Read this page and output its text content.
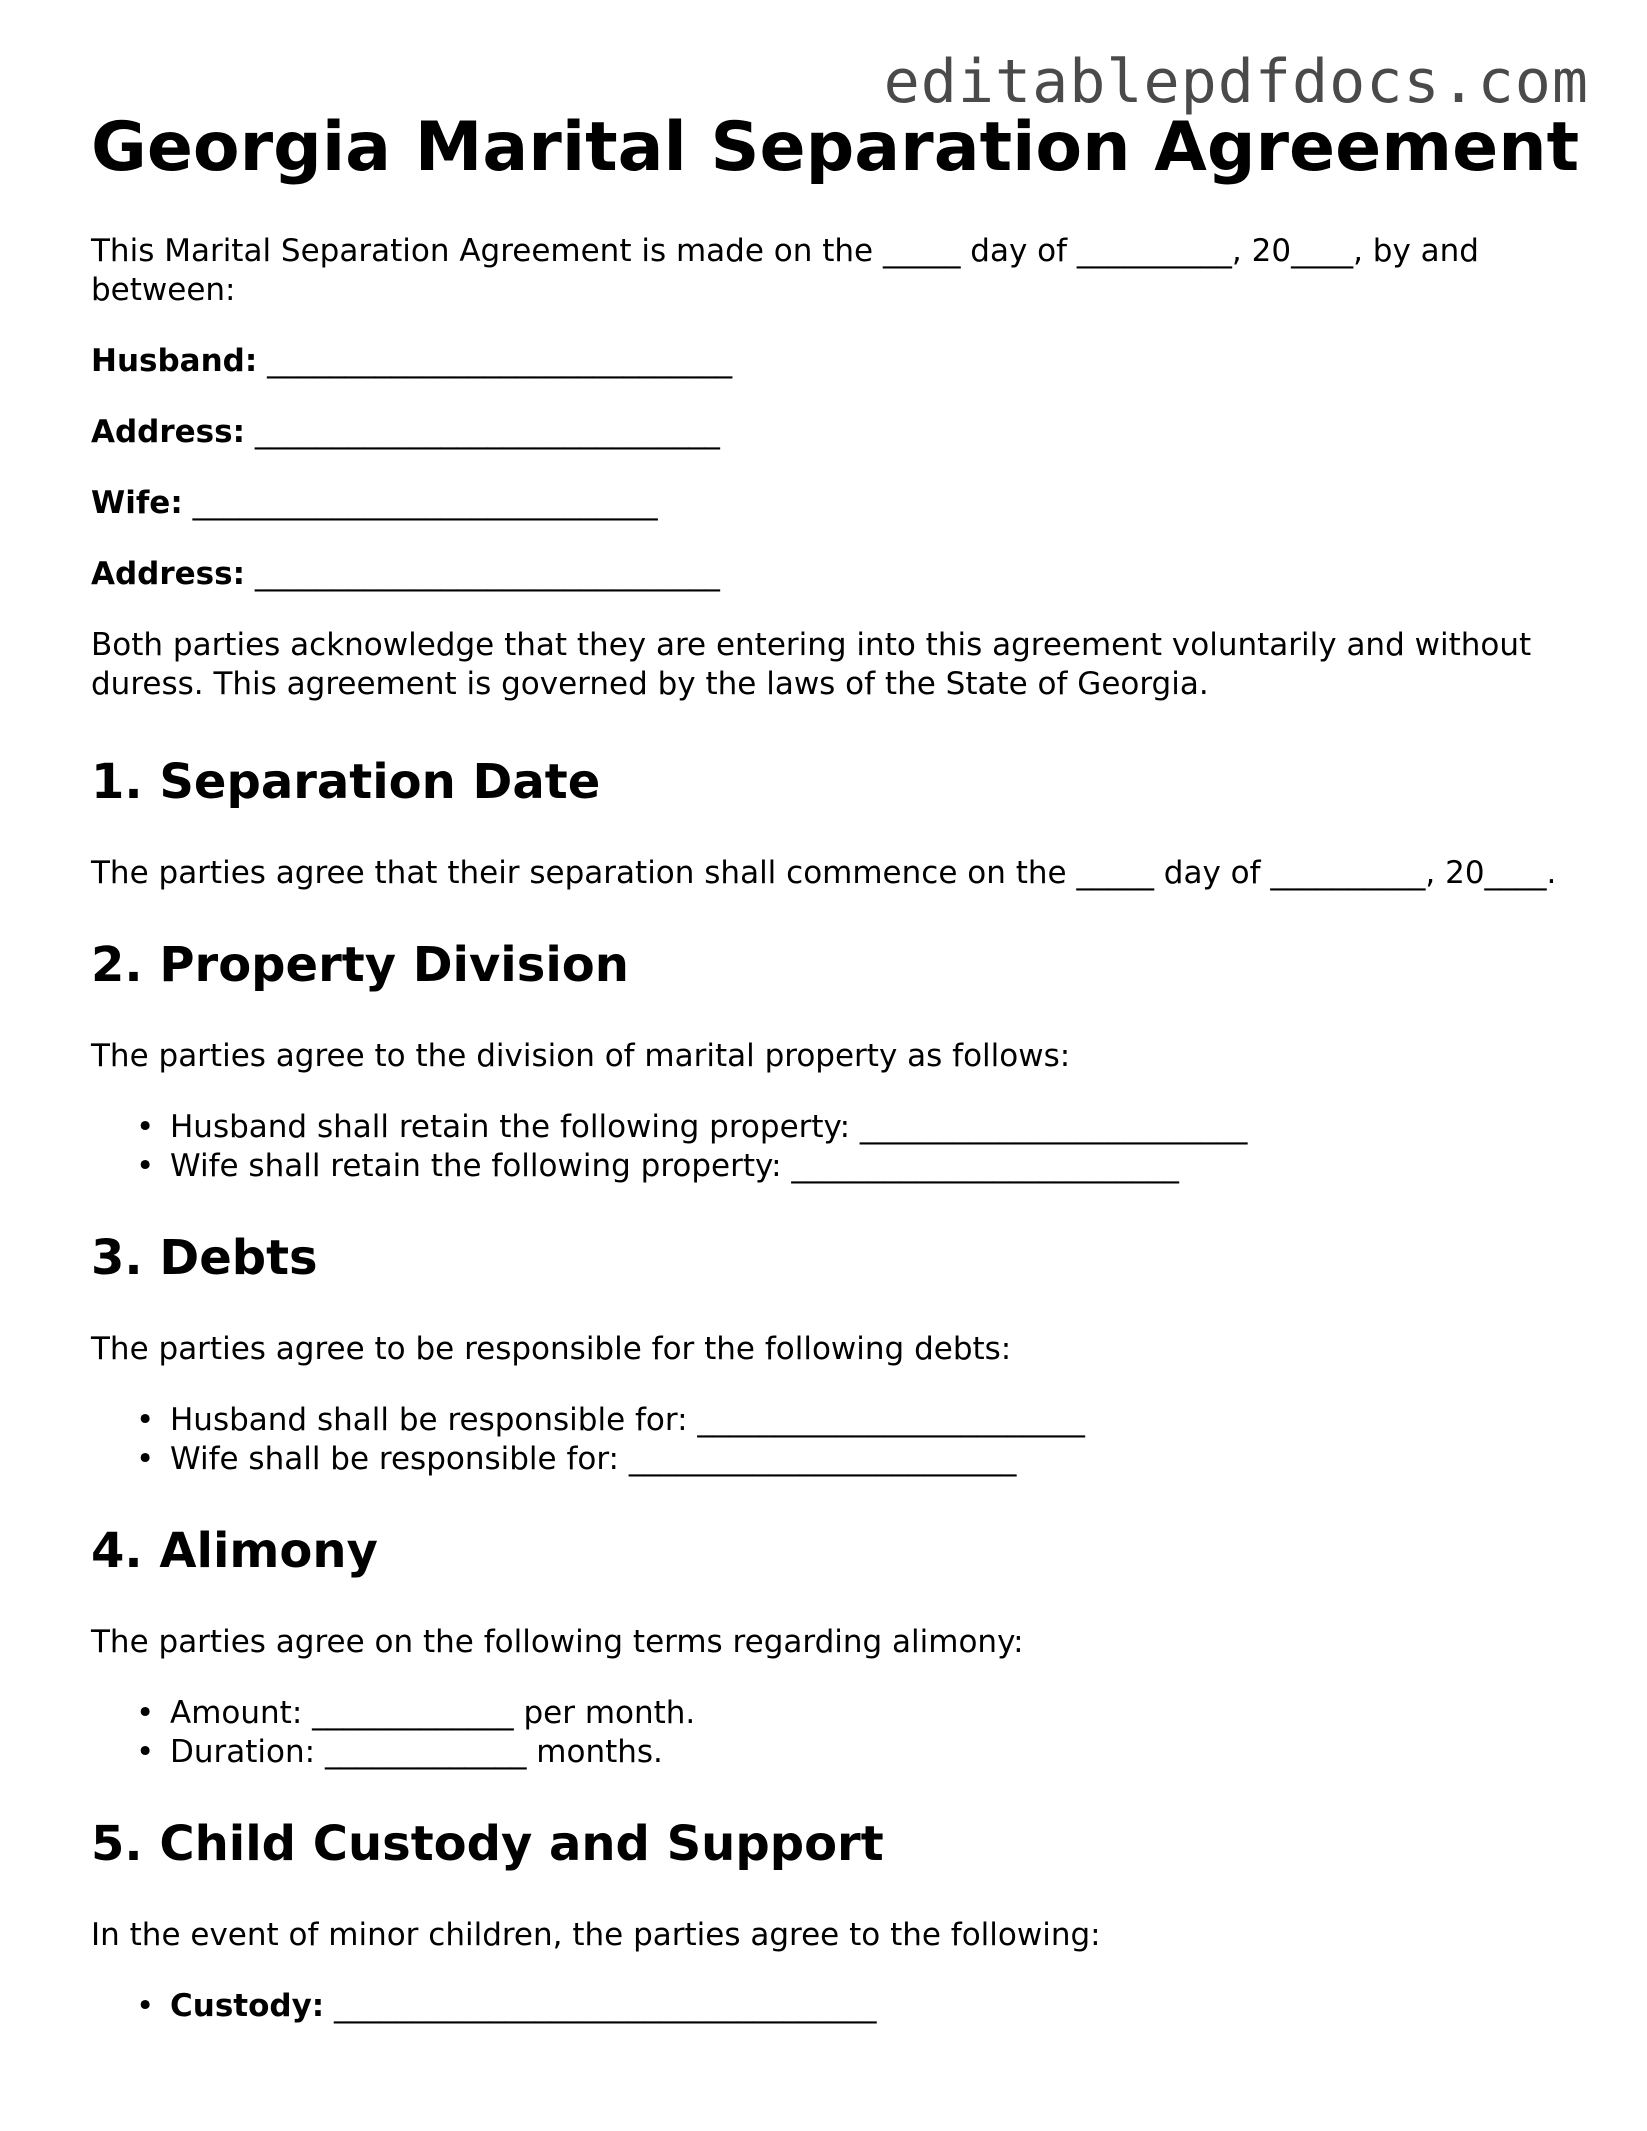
editablepdfdocs.com
Georgia Marital Separation Agreement

This Marital Separation Agreement is made on the _____ day of __________, 20____, by and between:

Husband: ______________________________
Address: ______________________________
Wife: ______________________________
Address: ______________________________

Both parties acknowledge that they are entering into this agreement voluntarily and without duress. This agreement is governed by the laws of the State of Georgia.

1. Separation Date

The parties agree that their separation shall commence on the _____ day of __________, 20____.

2. Property Division

The parties agree to the division of marital property as follows:

• Husband shall retain the following property: _________________________
• Wife shall retain the following property: _________________________
3. Debts

The parties agree to be responsible for the following debts:

• Husband shall be responsible for: _________________________
• Wife shall be responsible for: _________________________
4. Alimony

The parties agree on the following terms regarding alimony:

• Amount: _____________ per month.
• Duration: _____________ months.
5. Child Custody and Support

In the event of minor children, the parties agree to the following:

• Custody: ___________________________________
